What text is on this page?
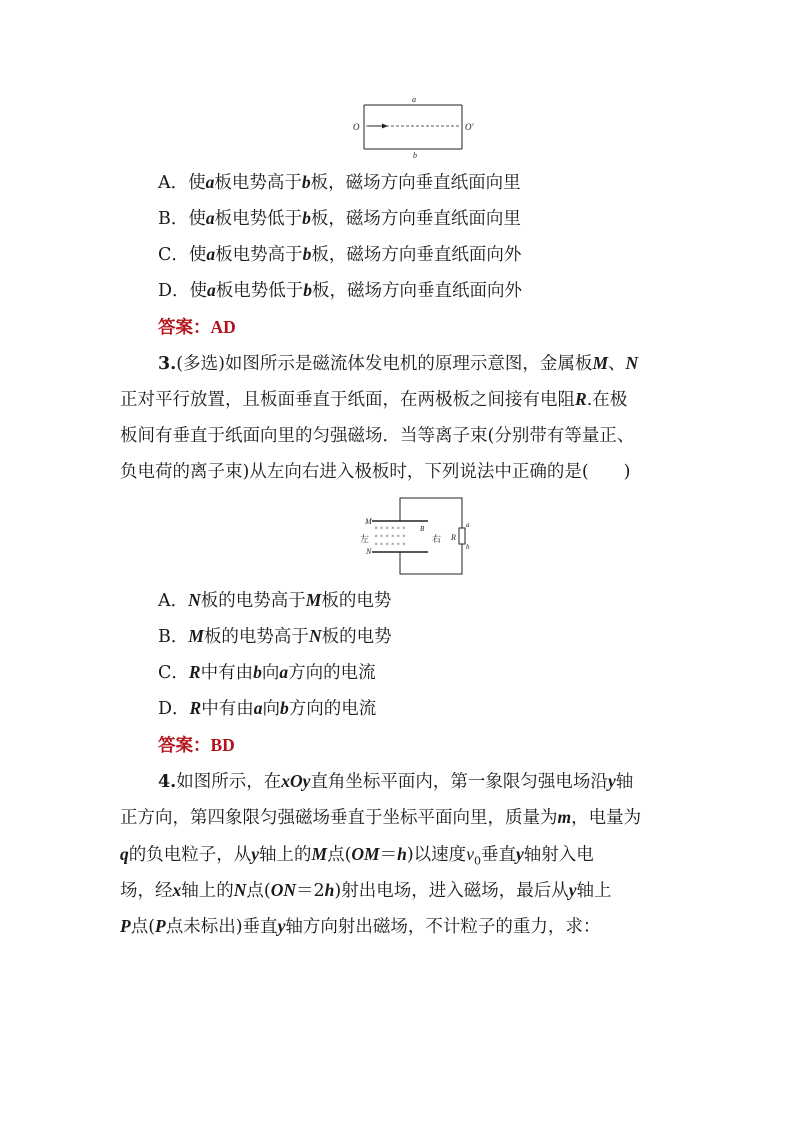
a
b
O	O′
A．使a板电势高于b板，磁场方向垂直纸面向里
B．使a板电势低于b板，磁场方向垂直纸面向里
C．使a板电势高于b板，磁场方向垂直纸面向外
D．使a板电势低于b板，磁场方向垂直纸面向外
答案：AD
3.(多选)如图所示是磁流体发电机的原理示意图，金属板M、N
正对平行放置，且板面垂直于纸面，在两极板之间接有电阻R.在极
板间有垂直于纸面向里的匀强磁场．当等离子束(分别带有等量正、
负电荷的离子束)从左向右进入极板时，下列说法中正确的是(　　)
× × × × × ×
× × × × × ×
× × × × × ×
M
N
左	右 R
a
b
B
A．N板的电势高于M板的电势
B．M板的电势高于N板的电势
C．R中有由b向a方向的电流
D．R中有由a向b方向的电流
答案：BD
4.如图所示，在xOy直角坐标平面内，第一象限匀强电场沿y轴
正方向，第四象限匀强磁场垂直于坐标平面向里，质量为m，电量为
q的负电粒子，从y轴上的M点(OM＝h)以速度$v_0$垂直y轴射入电
场，经x轴上的N点(ON＝2h)射出电场，进入磁场，最后从y轴上
P点(P点未标出)垂直y轴方向射出磁场，不计粒子的重力，求：
